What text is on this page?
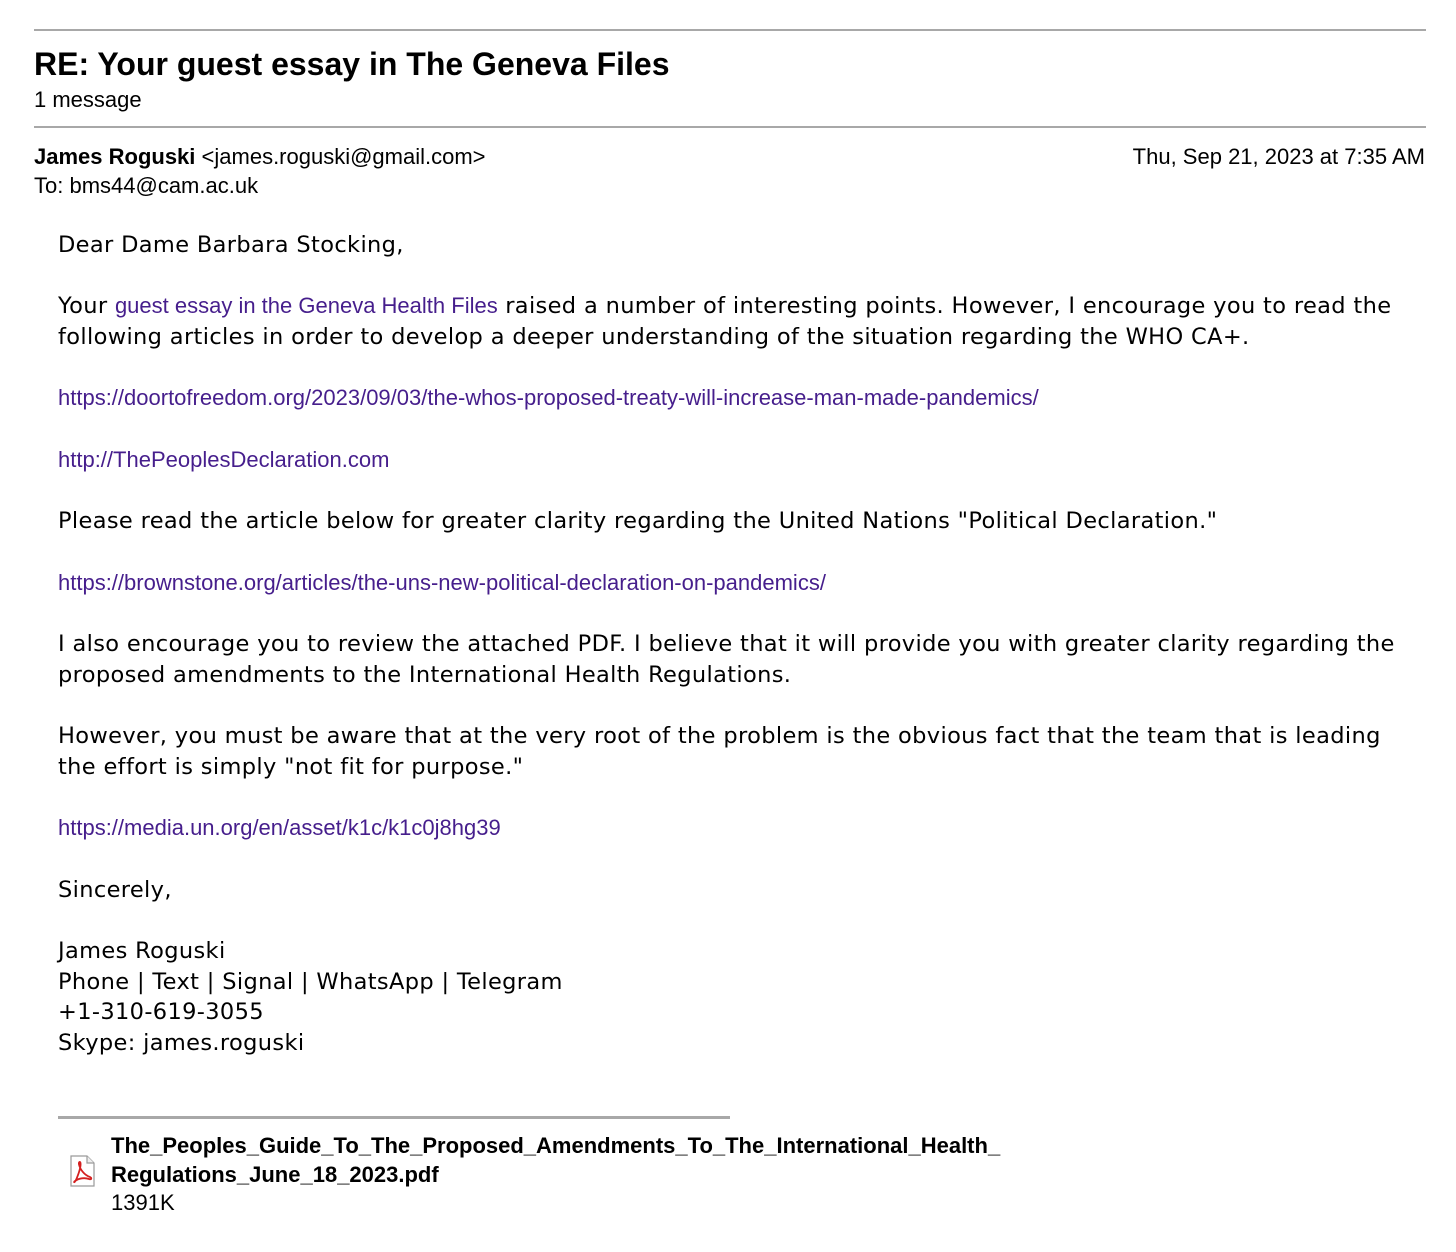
RE: Your guest essay in The Geneva Files
1 message
James Roguski <james.roguski@gmail.com>	Thu, Sep 21, 2023 at 7:35 AM
To: bms44@cam.ac.uk

Dear Dame Barbara Stocking,

Your guest essay in the Geneva Health Files raised a number of interesting points. However, I encourage you to read the following articles in order to develop a deeper understanding of the situation regarding the WHO CA+.

https://doortofreedom.org/2023/09/03/the-whos-proposed-treaty-will-increase-man-made-pandemics/

http://ThePeoplesDeclaration.com

Please read the article below for greater clarity regarding the United Nations "Political Declaration."

https://brownstone.org/articles/the-uns-new-political-declaration-on-pandemics/

I also encourage you to review the attached PDF. I believe that it will provide you with greater clarity regarding the proposed amendments to the International Health Regulations.

However, you must be aware that at the very root of the problem is the obvious fact that the team that is leading the effort is simply "not fit for purpose."

https://media.un.org/en/asset/k1c/k1c0j8hg39

Sincerely,

James Roguski
Phone | Text | Signal | WhatsApp | Telegram
+1-310-619-3055
Skype: james.roguski
The_Peoples_Guide_To_The_Proposed_Amendments_To_The_International_Health_
Regulations_June_18_2023.pdf
1391K
